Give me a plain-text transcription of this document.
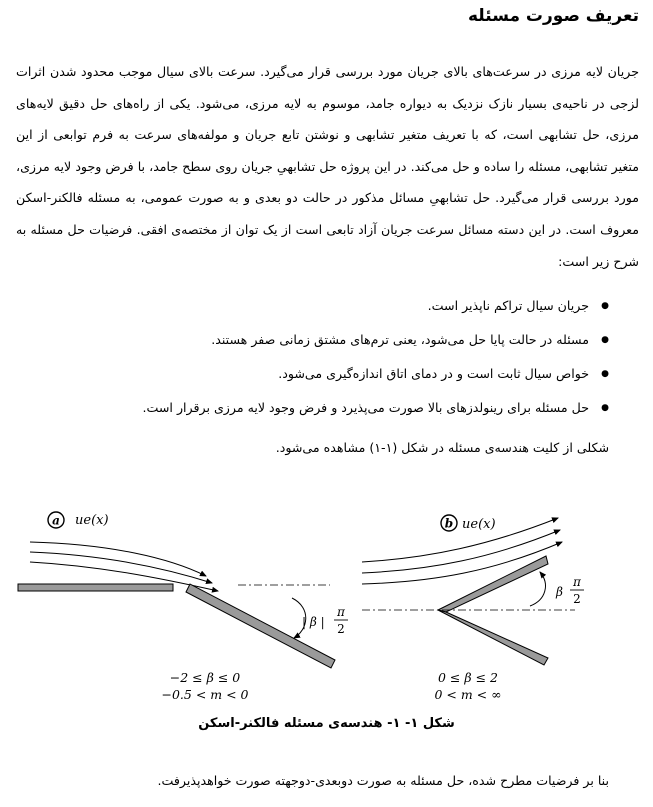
تعریف صورت مسئله
جریان لایه مرزی در سرعت‌های بالای جریان مورد بررسی قرار می‌گیرد. سرعت بالای سیال موجب محدود شدن اثرات لزجی در ناحیه‌ی بسیار نازک نزدیک به دیواره جامد، موسوم به لایه مرزی، می‌شود. یکی از راه‌های حل دقیق لایه‌های مرزی، حل تشابهی است، که با تعریف متغیر تشابهی و نوشتن تابع جریان و مولفه‌های سرعت به فرم توابعی از این متغیر تشابهی، مسئله را ساده و حل می‌کند. در این پروژه حل تشابهیِ جریان روی سطح جامد، با فرض وجود لایه مرزی، مورد بررسی قرار می‌گیرد. حل تشابهیِ مسائل مذکور در حالت دو بعدی و به صورت عمومی، به مسئله فالکنر-اسکن معروف است. در این دسته مسائل سرعت جریان آزاد تابعی است از یک توان از مختصه‌ی افقی. فرضیات حل مسئله به شرح زیر است:
● جریان سیال تراکم ناپذیر است.
● مسئله در حالت پایا حل می‌شود، یعنی ترم‌های مشتق زمانی صفر هستند.
● خواص سیال ثابت است و در دمای اتاق اندازه‌گیری می‌شود.
● حل مسئله برای رینولدزهای بالا صورت می‌پذیرد و فرض وجود لایه مرزی برقرار است.
شکلی از کلیت هندسه‌ی مسئله در شکل (۱-۱) مشاهده می‌شود.
a ue(x)
| β |
π
2
−2 ≤ β ≤ 0
−0.5 < m < 0
b ue(x)
β
π
2
0 ≤ β ≤ 2
0 < m < ∞
شکل ۱- ۱- هندسه‌ی مسئله فالکنر-اسکن
بنا بر فرضیات مطرح شده، حل مسئله به صورت دوبعدی-دوجهته صورت خواهدپذیرفت.
